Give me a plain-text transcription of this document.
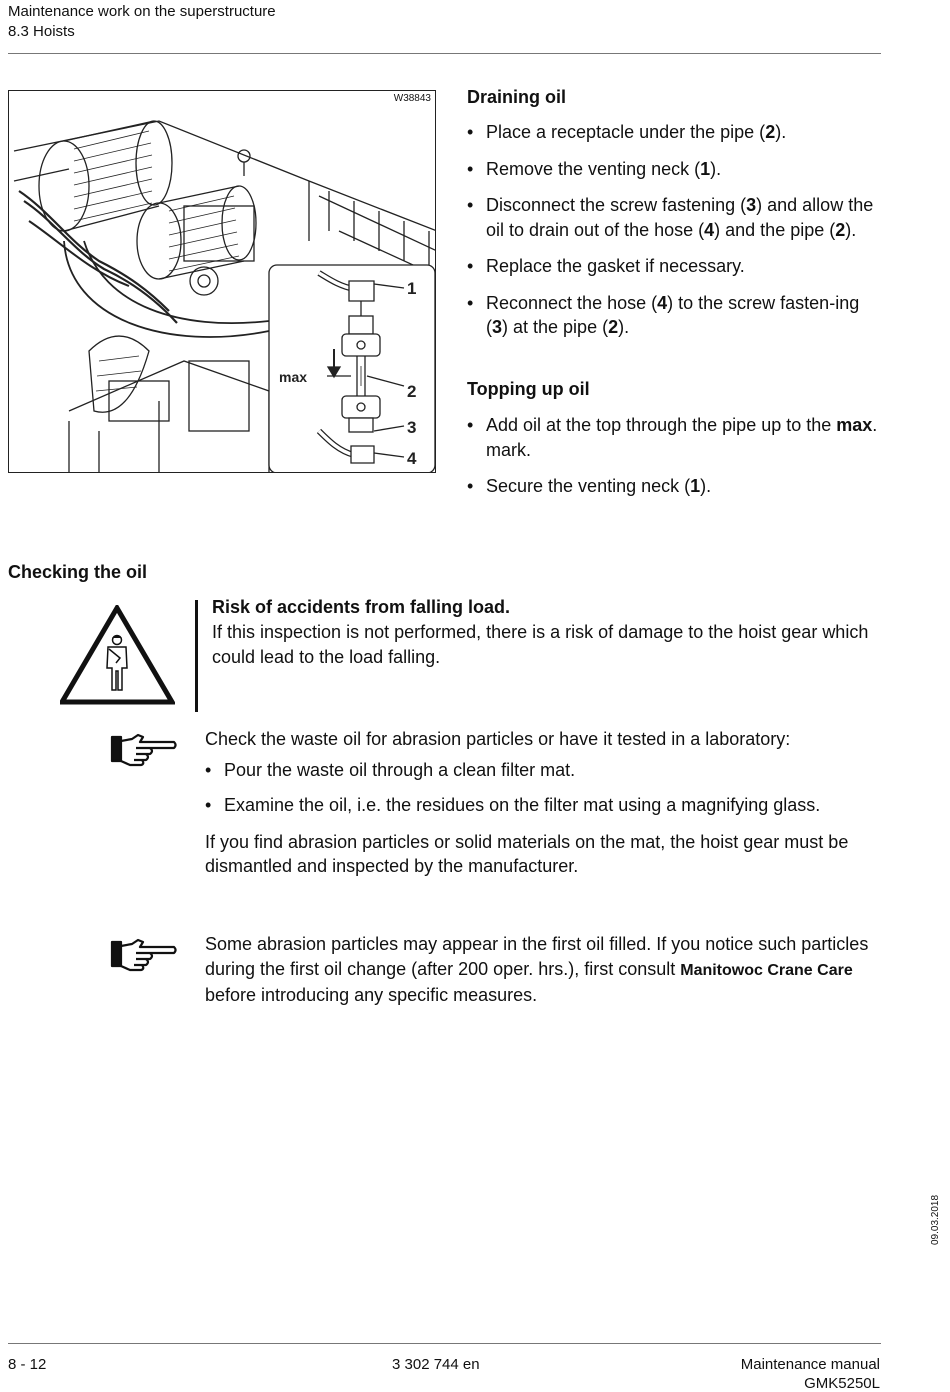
Maintenance work on the superstructure
8.3 Hoists
1
2
3
4
max
W38843 Draining oil
• Place a receptacle under the pipe (2).
• Remove the venting neck (1).
• Disconnect the screw fastening (3) and allow the oil to drain out of the hose (4) and the pipe (2).
• Replace the gasket if necessary.
• Reconnect the hose (4) to the screw fasten-ing (3) at the pipe (2).
Topping up oil
• Add oil at the top through the pipe up to the max. mark.
• Secure the venting neck (1).
Checking the oil
Risk of accidents from falling load.
If this inspection is not performed, there is a risk of damage to the hoist gear which could lead to the load falling.

Check the waste oil for abrasion particles or have it tested in a laboratory:

• Pour the waste oil through a clean filter mat.
• Examine the oil, i.e. the residues on the filter mat using a magnifying glass.

If you find abrasion particles or solid materials on the mat, the hoist gear must be dismantled and inspected by the manufacturer.

Some abrasion particles may appear in the first oil filled. If you notice such particles during the first oil change (after 200 oper. hrs.), first consult Manitowoc Crane Care before introducing any specific measures.

09.03.2018
8 - 12	3 302 744 en	Maintenance manual
GMK5250L
